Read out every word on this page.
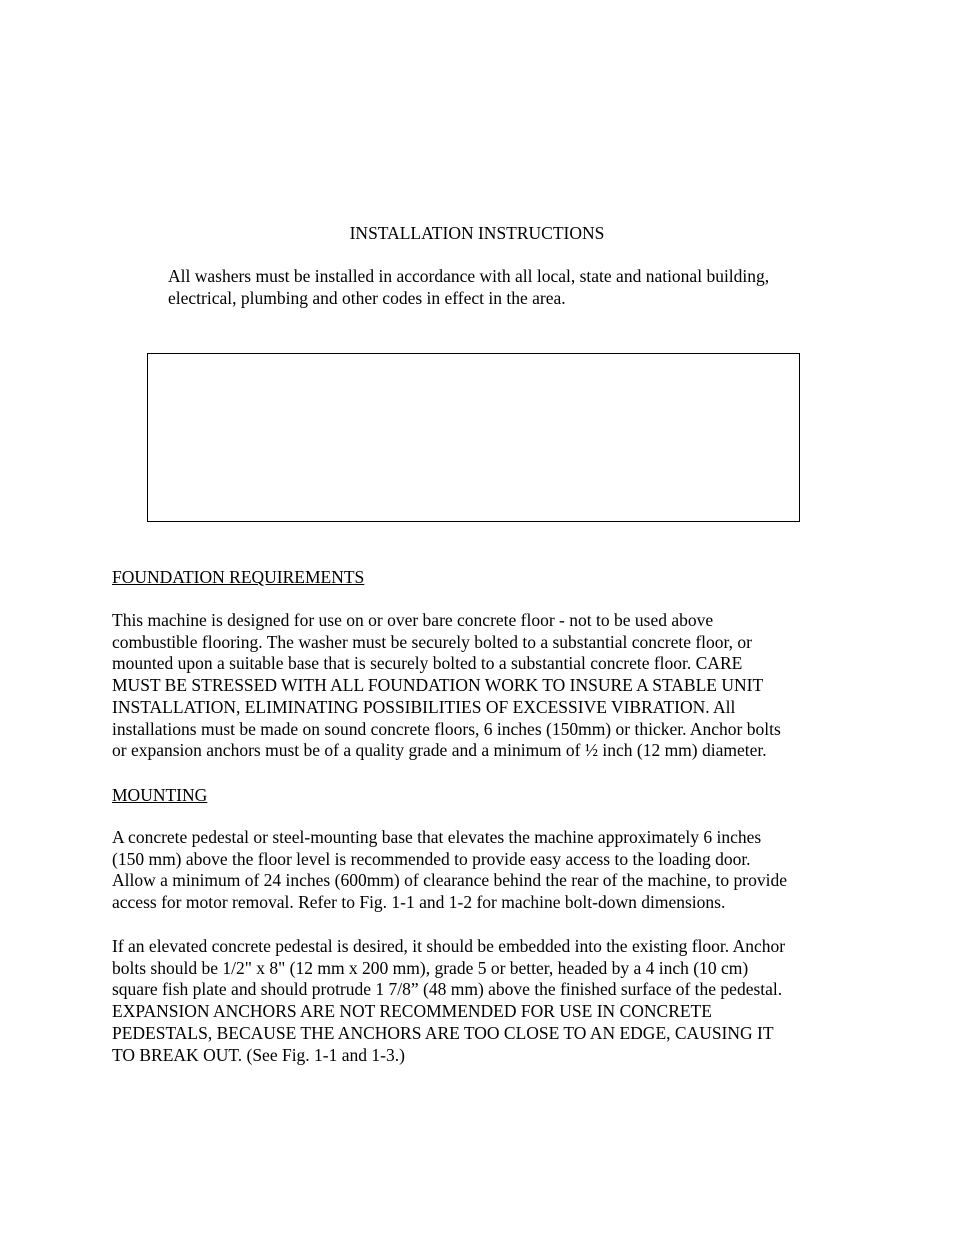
INSTALLATION INSTRUCTIONS

All washers must be installed in accordance with all local, state and national building,

electrical, plumbing and other codes in effect in the area.

FOUNDATION REQUIREMENTS

This machine is designed for use on or over bare concrete floor - not to be used above

combustible flooring. The washer must be securely bolted to a substantial concrete floor, or

mounted upon a suitable base that is securely bolted to a substantial concrete floor. CARE

MUST BE STRESSED WITH ALL FOUNDATION WORK TO INSURE A STABLE UNIT

INSTALLATION, ELIMINATING POSSIBILITIES OF EXCESSIVE VIBRATION. All

installations must be made on sound concrete floors, 6 inches (150mm) or thicker. Anchor bolts

or expansion anchors must be of a quality grade and a minimum of ½ inch (12 mm) diameter.

MOUNTING

A concrete pedestal or steel-mounting base that elevates the machine approximately 6 inches

(150 mm) above the floor level is recommended to provide easy access to the loading door.

Allow a minimum of 24 inches (600mm) of clearance behind the rear of the machine, to provide

access for motor removal. Refer to Fig. 1-1 and 1-2 for machine bolt-down dimensions.

If an elevated concrete pedestal is desired, it should be embedded into the existing floor. Anchor

bolts should be 1/2" x 8" (12 mm x 200 mm), grade 5 or better, headed by a 4 inch (10 cm)

square fish plate and should protrude 1 7/8” (48 mm) above the finished surface of the pedestal.

EXPANSION ANCHORS ARE NOT RECOMMENDED FOR USE IN CONCRETE

PEDESTALS, BECAUSE THE ANCHORS ARE TOO CLOSE TO AN EDGE, CAUSING IT

TO BREAK OUT. (See Fig. 1-1 and 1-3.)
